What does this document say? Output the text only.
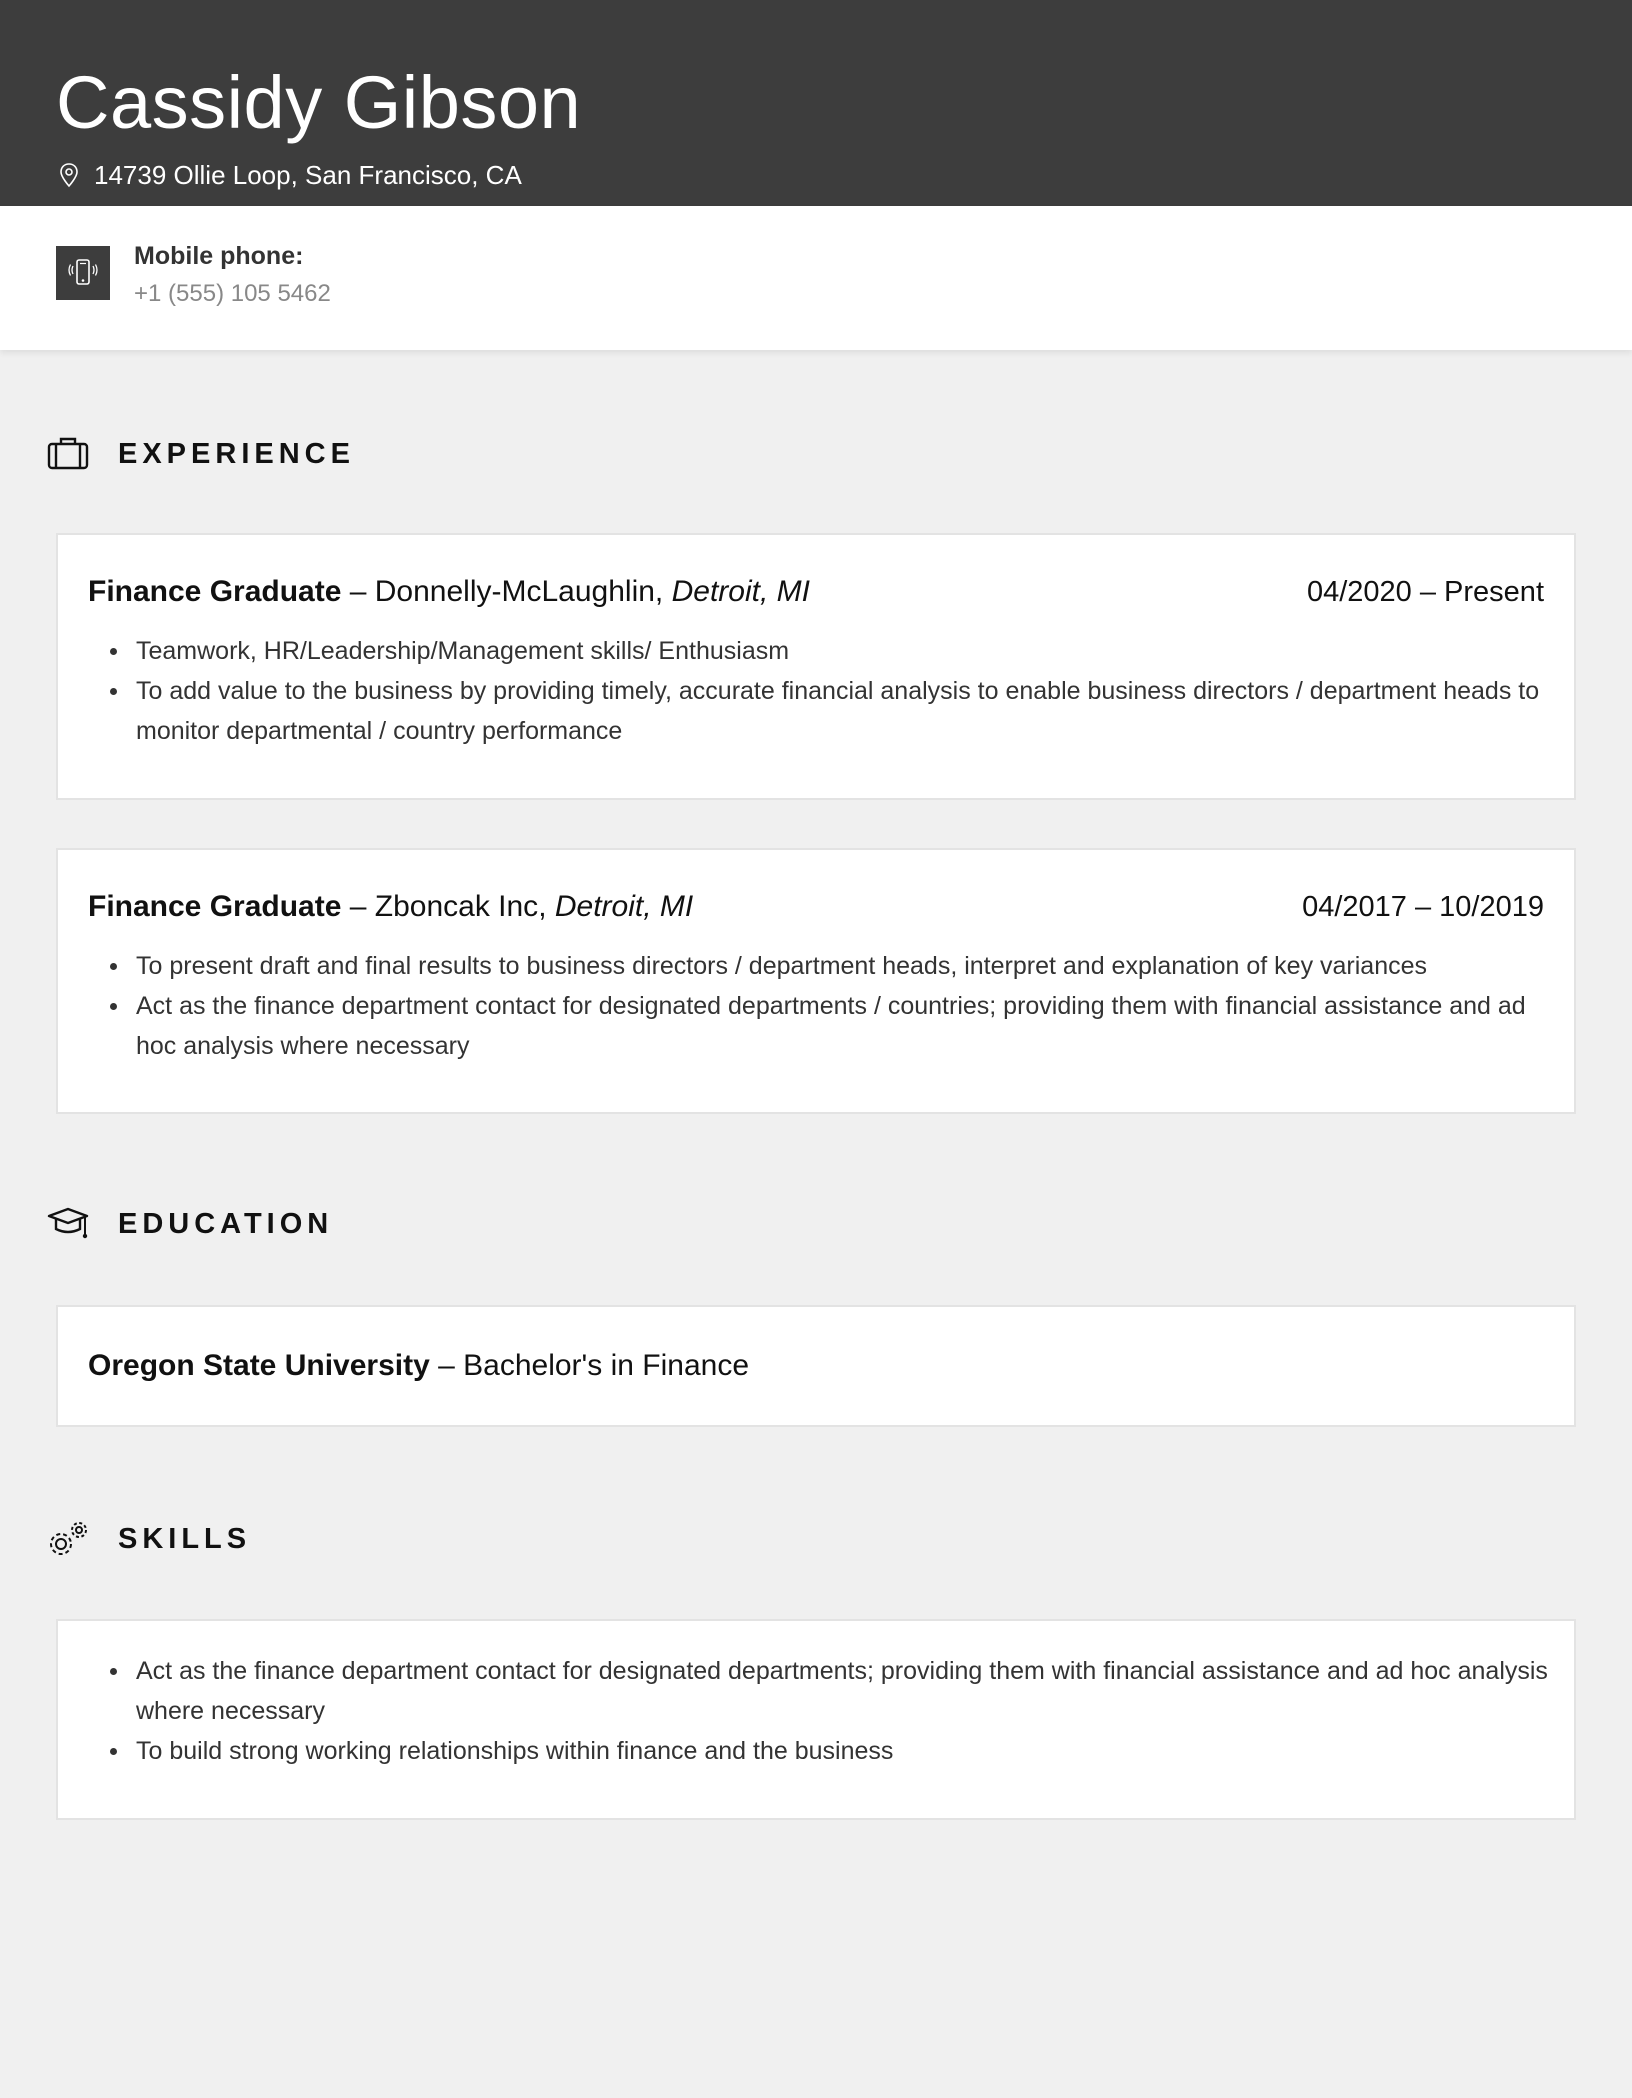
Cassidy Gibson
14739 Ollie Loop, San Francisco, CA
Mobile phone:
+1 (555) 105 5462
EXPERIENCE
Finance Graduate – Donnelly-McLaughlin, Detroit, MI	04/2020 – Present
Teamwork, HR/Leadership/Management skills/ Enthusiasm
To add value to the business by providing timely, accurate financial analysis to enable business directors / department heads to monitor departmental / country performance
Finance Graduate – Zboncak Inc, Detroit, MI	04/2017 – 10/2019
To present draft and final results to business directors / department heads, interpret and explanation of key variances
Act as the finance department contact for designated departments / countries; providing them with financial assistance and ad hoc analysis where necessary
EDUCATION
Oregon State University – Bachelor's in Finance
SKILLS
Act as the finance department contact for designated departments; providing them with financial assistance and ad hoc analysis where necessary
To build strong working relationships within finance and the business
